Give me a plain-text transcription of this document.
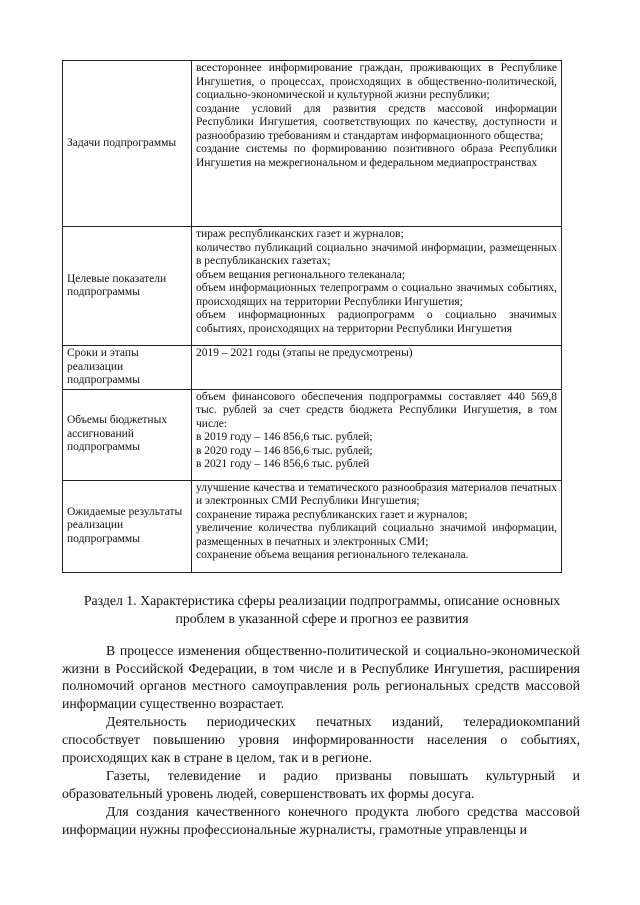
Задачи подпрограммы	всестороннее информирование граждан, проживающих в Республике Ингушетия, о процессах, происходящих в общественно-политической, социально-экономической и культурной жизни республики;
создание условий для развития средств массовой информации Республики Ингушетия, соответствующих по качеству, доступности и разнообразию требованиям и стандартам информационного общества;
создание системы по формированию позитивного образа Республики Ингушетия на межрегиональном и федеральном медиапространствах

Целевые показатели подпрограммы	тираж республиканских газет и журналов;
количество публикаций социально значимой информации, размещенных в республиканских газетах;
объем вещания регионального телеканала;
объем информационных телепрограмм о социально значимых событиях, происходящих на территории Республики Ингушетия;
объем информационных радиопрограмм о социально значимых событиях, происходящих на территории Республики Ингушетия

Сроки и этапы реализации подпрограммы	2019 – 2021 годы (этапы не предусмотрены)

Объемы бюджетных ассигнований подпрограммы	объем финансового обеспечения подпрограммы составляет 440 569,8 тыс. рублей за счет средств бюджета Республики Ингушетия, в том числе:
в 2019 году – 146 856,6 тыс. рублей;
в 2020 году – 146 856,6 тыс. рублей;
в 2021 году – 146 856,6 тыс. рублей

Ожидаемые результаты реализации подпрограммы	улучшение качества и тематического разнообразия материалов печатных и электронных СМИ Республики Ингушетия;
сохранение тиража республиканских газет и журналов;
увеличение количества публикаций социально значимой информации, размещенных в печатных и электронных СМИ;
сохранение объема вещания регионального телеканала.
Раздел 1. Характеристика сферы реализации подпрограммы, описание основных проблем в указанной сфере и прогноз ее развития

В процессе изменения общественно-политической и социально-экономической жизни в Российской Федерации, в том числе и в Республике Ингушетия, расширения полномочий органов местного самоуправления роль региональных средств массовой информации существенно возрастает.

Деятельность периодических печатных изданий, телерадиокомпаний способствует повышению уровня информированности населения о событиях, происходящих как в стране в целом, так и в регионе.

Газеты, телевидение и радио призваны повышать культурный и образовательный уровень людей, совершенствовать их формы досуга.

Для создания качественного конечного продукта любого средства массовой информации нужны профессиональные журналисты, грамотные управленцы и
